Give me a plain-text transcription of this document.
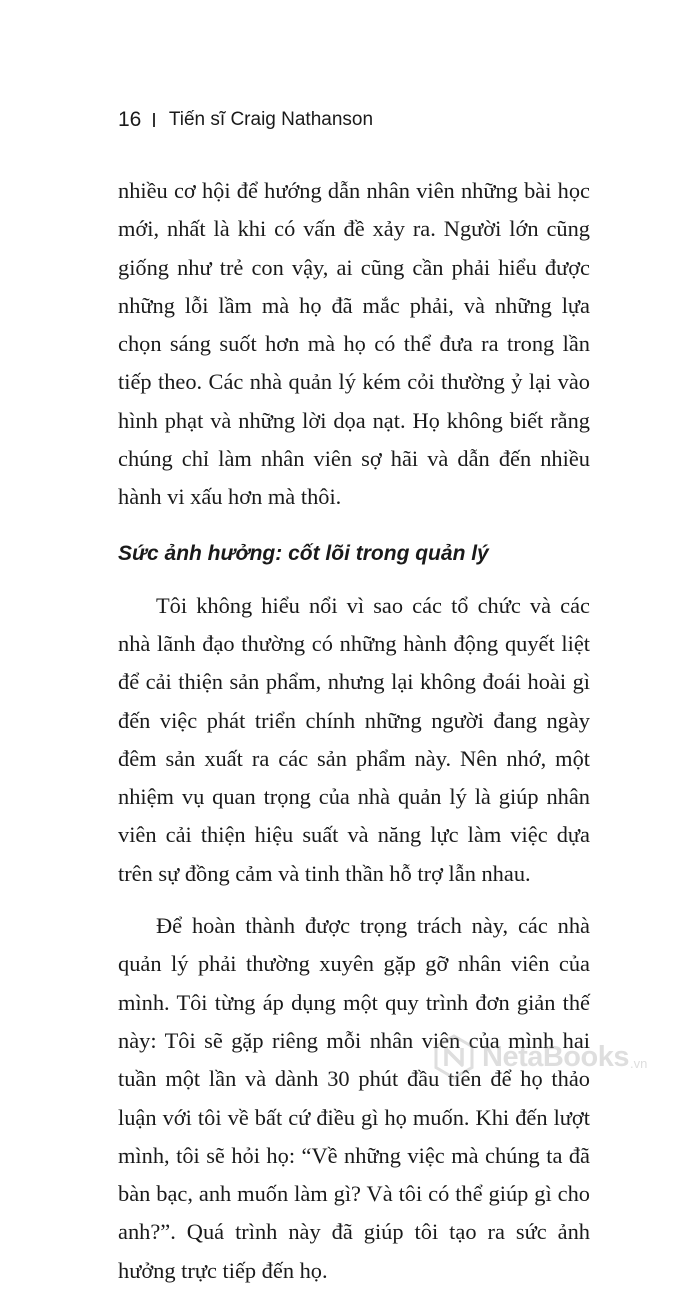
16 Tiến sĩ Craig Nathanson

nhiều cơ hội để hướng dẫn nhân viên những bài học mới, nhất là khi có vấn đề xảy ra. Người lớn cũng giống như trẻ con vậy, ai cũng cần phải hiểu được những lỗi lầm mà họ đã mắc phải, và những lựa chọn sáng suốt hơn mà họ có thể đưa ra trong lần tiếp theo. Các nhà quản lý kém cỏi thường ỷ lại vào hình phạt và những lời dọa nạt. Họ không biết rằng chúng chỉ làm nhân viên sợ hãi và dẫn đến nhiều hành vi xấu hơn mà thôi.

Sức ảnh hưởng: cốt lõi trong quản lý

Tôi không hiểu nổi vì sao các tổ chức và các nhà lãnh đạo thường có những hành động quyết liệt để cải thiện sản phẩm, nhưng lại không đoái hoài gì đến việc phát triển chính những người đang ngày đêm sản xuất ra các sản phẩm này. Nên nhớ, một nhiệm vụ quan trọng của nhà quản lý là giúp nhân viên cải thiện hiệu suất và năng lực làm việc dựa trên sự đồng cảm và tinh thần hỗ trợ lẫn nhau.

Để hoàn thành được trọng trách này, các nhà quản lý phải thường xuyên gặp gỡ nhân viên của mình. Tôi từng áp dụng một quy trình đơn giản thế này: Tôi sẽ gặp riêng mỗi nhân viên của mình hai tuần một lần và dành 30 phút đầu tiên để họ thảo luận với tôi về bất cứ điều gì họ muốn. Khi đến lượt mình, tôi sẽ hỏi họ: “Về những việc mà chúng ta đã bàn bạc, anh muốn làm gì? Và tôi có thể giúp gì cho anh?”. Quá trình này đã giúp tôi tạo ra sức ảnh hưởng trực tiếp đến họ.

NetaBooks .vn
